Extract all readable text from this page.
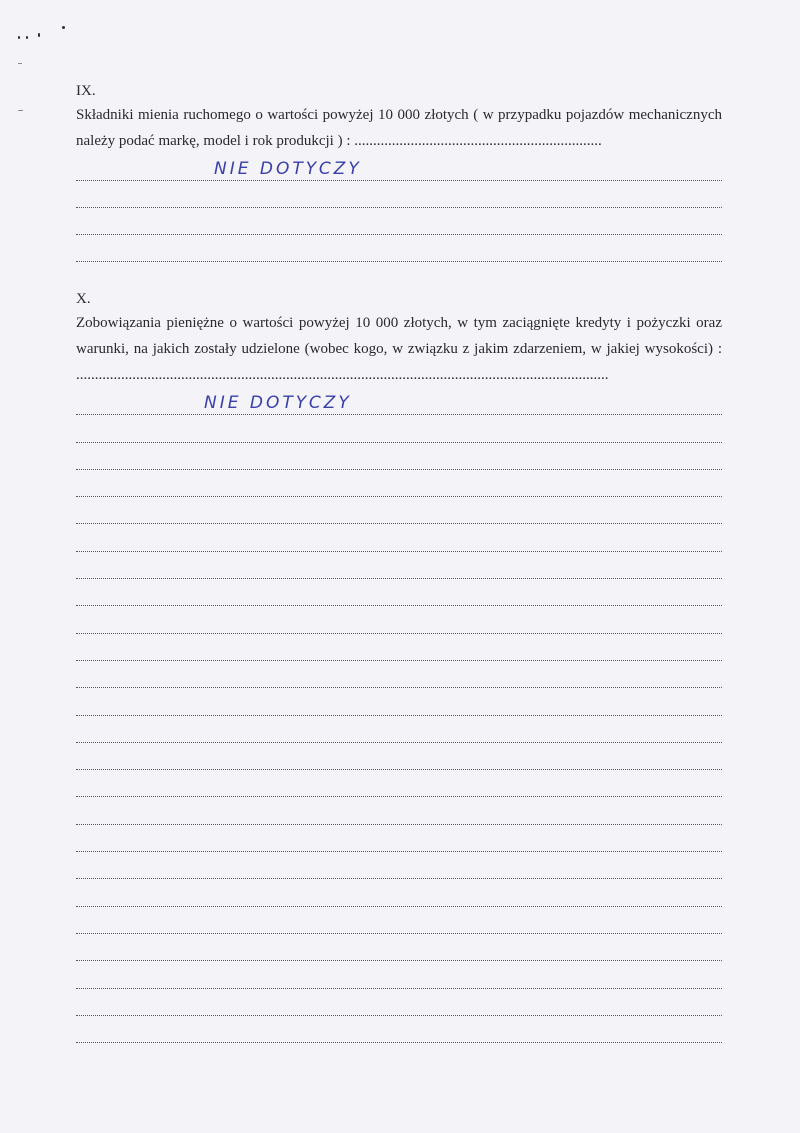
IX.

Składniki mienia ruchomego o wartości powyżej 10 000 złotych ( w przypadku pojazdów mechanicznych należy podać markę, model i rok produkcji ) : ..................................................................

NIE DOTYCZY
X.

Zobowiązania pieniężne o wartości powyżej 10 000 złotych, w tym zaciągnięte kredyty i pożyczki oraz warunki, na jakich zostały udzielone (wobec kogo, w związku z jakim zdarzeniem, w jakiej wysokości) : ..............................................................................................................................................

NIE DOTYCZY
